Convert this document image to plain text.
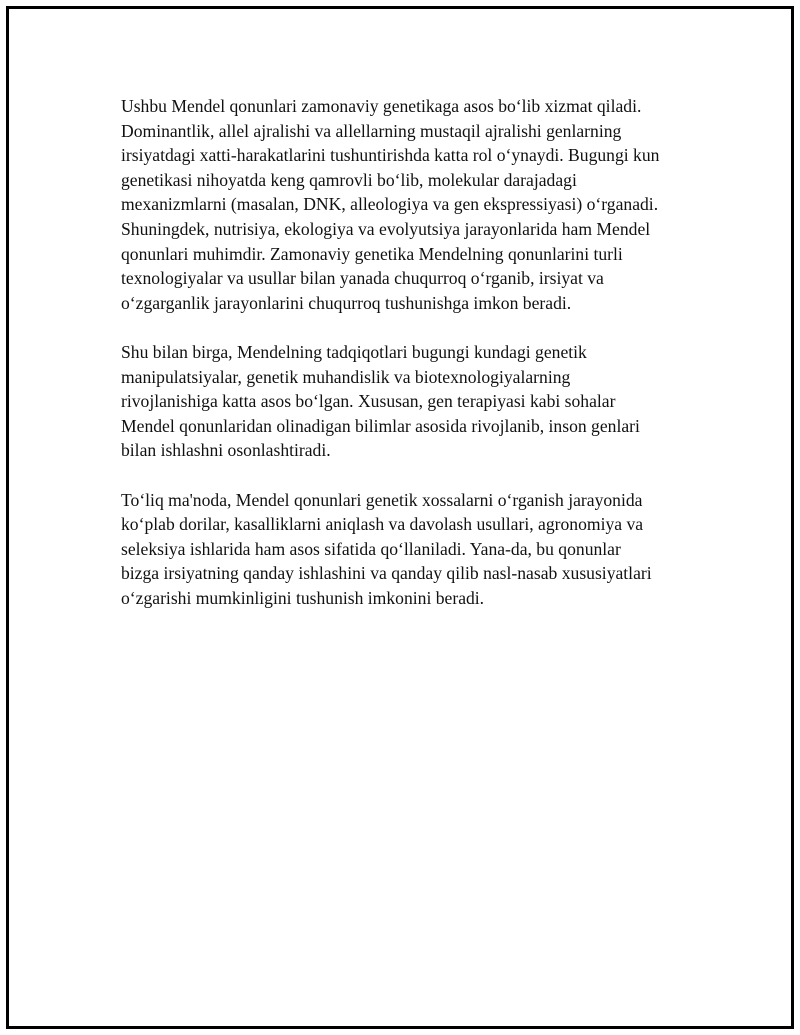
Ushbu Mendel qonunlari zamonaviy genetikaga asos bo‘lib xizmat qiladi.
Dominantlik, allel ajralishi va allellarning mustaqil ajralishi genlarning
irsiyatdagi xatti-harakatlarini tushuntirishda katta rol o‘ynaydi. Bugungi kun
genetikasi nihoyatda keng qamrovli bo‘lib, molekular darajadagi
mexanizmlarni (masalan, DNK, alleologiya va gen ekspressiyasi) o‘rganadi.
Shuningdek, nutrisiya, ekologiya va evolyutsiya jarayonlarida ham Mendel
qonunlari muhimdir. Zamonaviy genetika Mendelning qonunlarini turli
texnologiyalar va usullar bilan yanada chuqurroq o‘rganib, irsiyat va
o‘zgarganlik jarayonlarini chuqurroq tushunishga imkon beradi.

Shu bilan birga, Mendelning tadqiqotlari bugungi kundagi genetik
manipulatsiyalar, genetik muhandislik va biotexnologiyalarning
rivojlanishiga katta asos bo‘lgan. Xususan, gen terapiyasi kabi sohalar
Mendel qonunlaridan olinadigan bilimlar asosida rivojlanib, inson genlari
bilan ishlashni osonlashtiradi.

To‘liq ma'noda, Mendel qonunlari genetik xossalarni o‘rganish jarayonida
ko‘plab dorilar, kasalliklarni aniqlash va davolash usullari, agronomiya va
seleksiya ishlarida ham asos sifatida qo‘llaniladi. Yana-da, bu qonunlar
bizga irsiyatning qanday ishlashini va qanday qilib nasl-nasab xususiyatlari
o‘zgarishi mumkinligini tushunish imkonini beradi.
